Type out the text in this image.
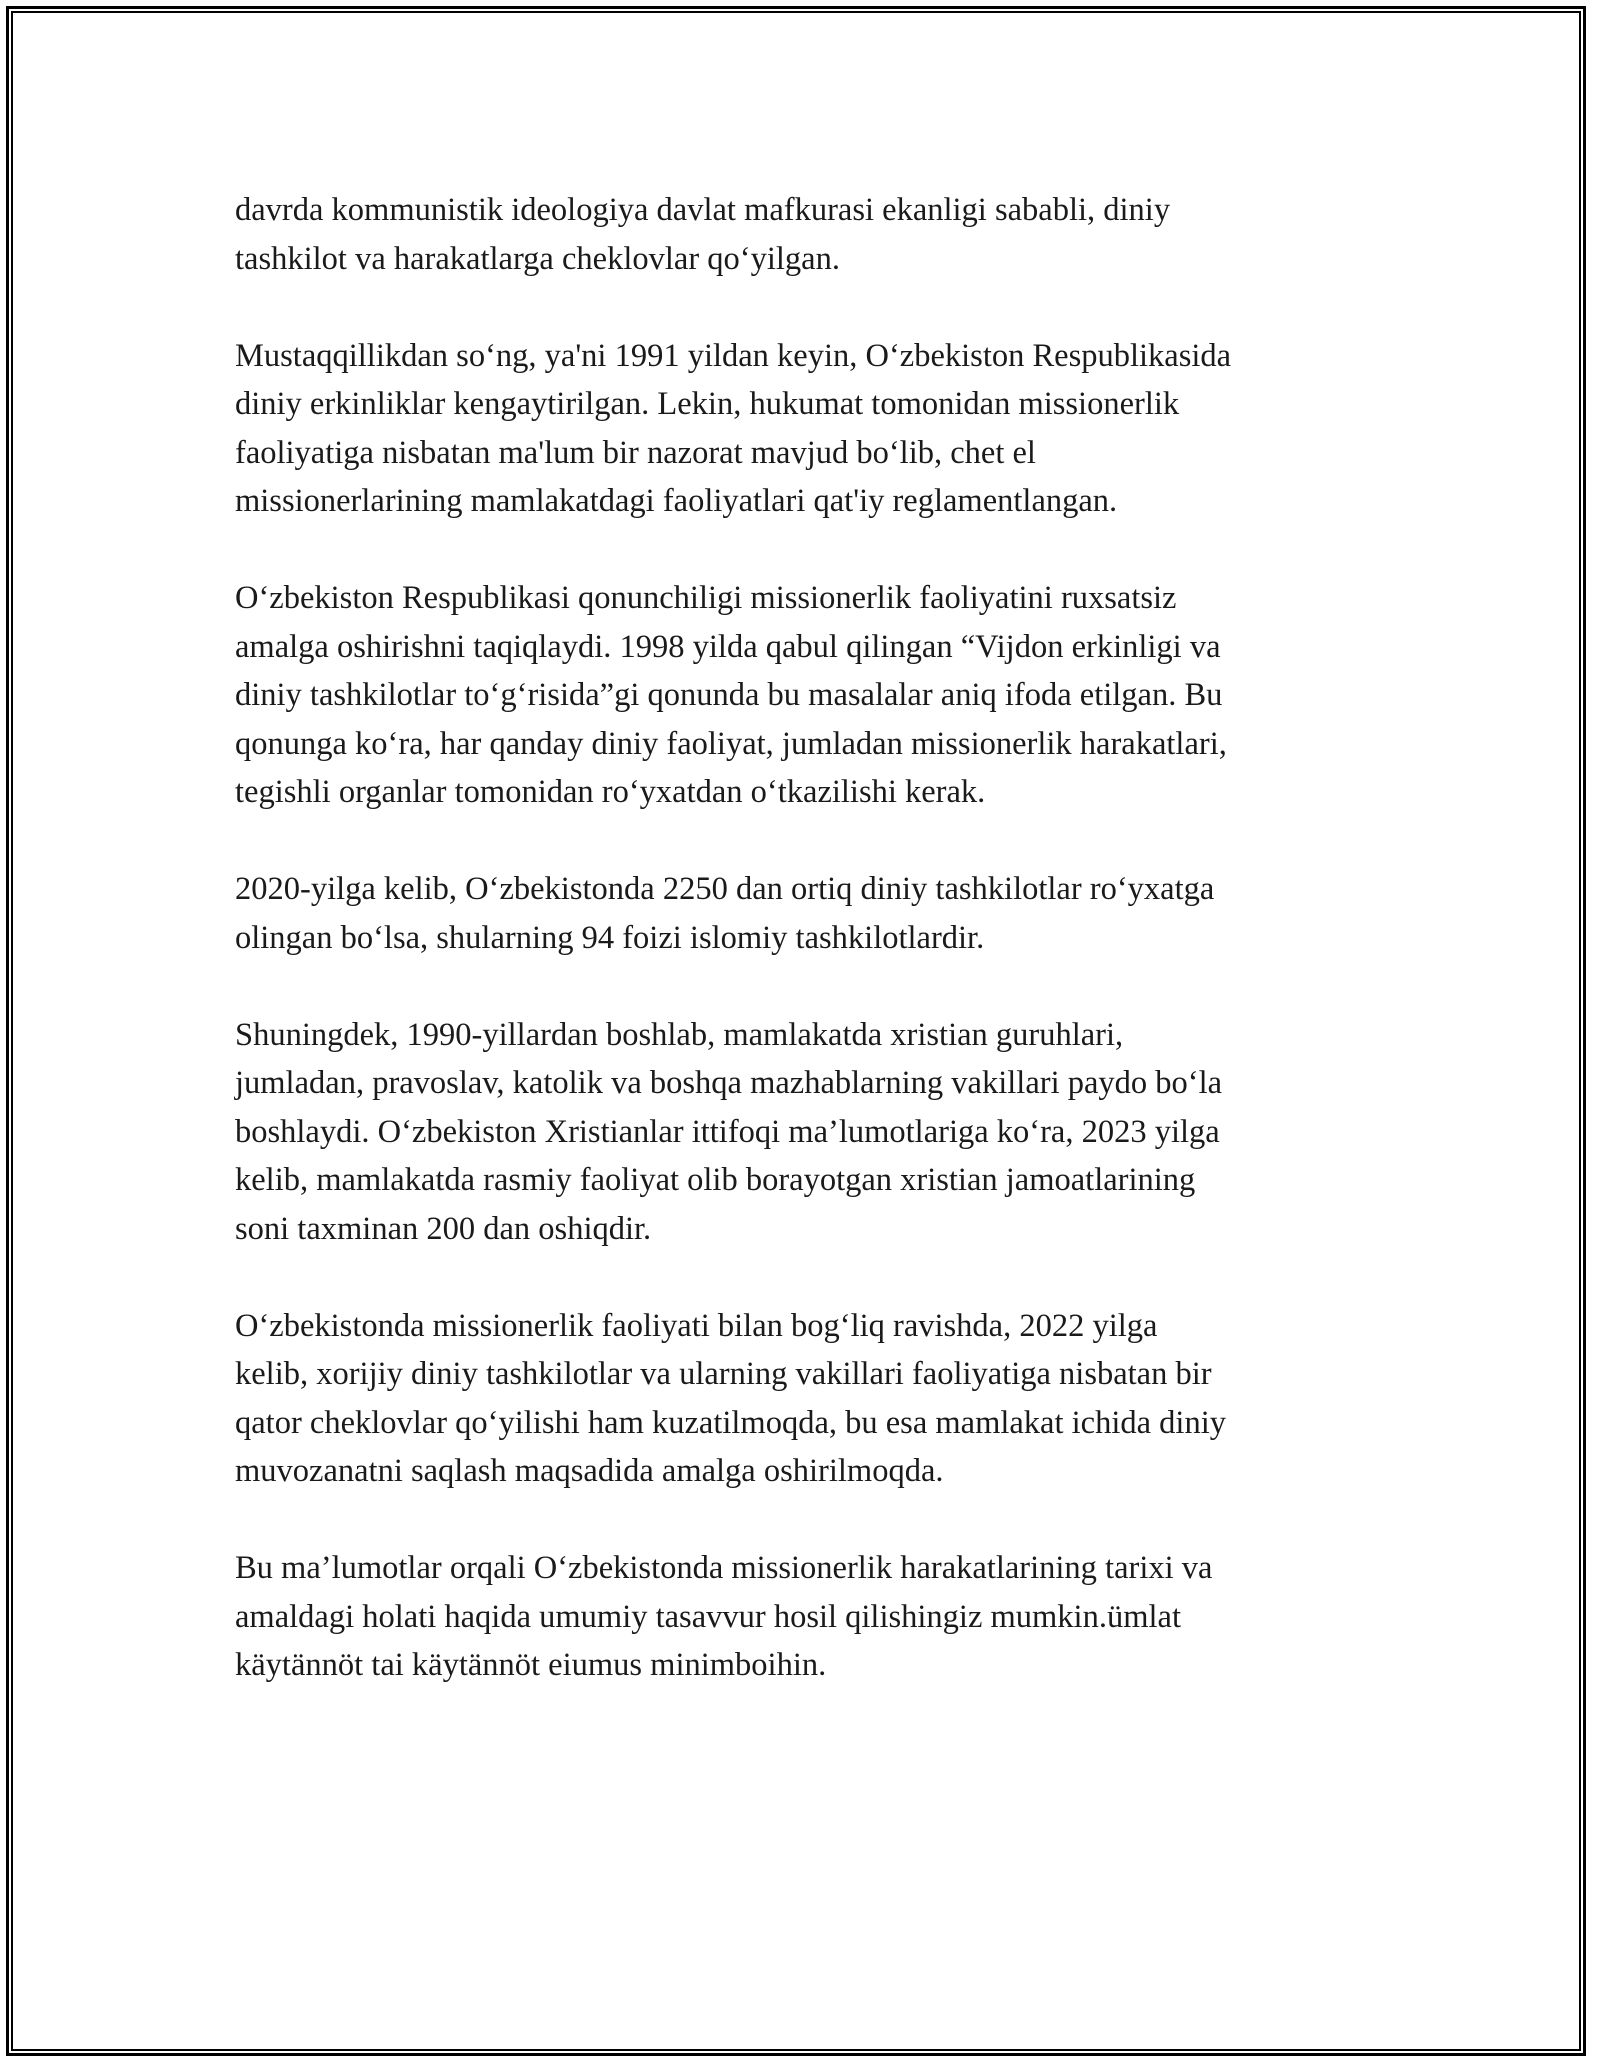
davrda kommunistik ideologiya davlat mafkurasi ekanligi sababli, diniy
tashkilot va harakatlarga cheklovlar qo‘yilgan.

Mustaqqillikdan so‘ng, ya'ni 1991 yildan keyin, O‘zbekiston Respublikasida
diniy erkinliklar kengaytirilgan. Lekin, hukumat tomonidan missionerlik
faoliyatiga nisbatan ma'lum bir nazorat mavjud bo‘lib, chet el
missionerlarining mamlakatdagi faoliyatlari qat'iy reglamentlangan.

O‘zbekiston Respublikasi qonunchiligi missionerlik faoliyatini ruxsatsiz
amalga oshirishni taqiqlaydi. 1998 yilda qabul qilingan “Vijdon erkinligi va
diniy tashkilotlar to‘g‘risida”gi qonunda bu masalalar aniq ifoda etilgan. Bu
qonunga ko‘ra, har qanday diniy faoliyat, jumladan missionerlik harakatlari,
tegishli organlar tomonidan ro‘yxatdan o‘tkazilishi kerak.

2020-yilga kelib, O‘zbekistonda 2250 dan ortiq diniy tashkilotlar ro‘yxatga
olingan bo‘lsa, shularning 94 foizi islomiy tashkilotlardir.

Shuningdek, 1990-yillardan boshlab, mamlakatda xristian guruhlari,
jumladan, pravoslav, katolik va boshqa mazhablarning vakillari paydo bo‘la
boshlaydi. O‘zbekiston Xristianlar ittifoqi ma’lumotlariga ko‘ra, 2023 yilga
kelib, mamlakatda rasmiy faoliyat olib borayotgan xristian jamoatlarining
soni taxminan 200 dan oshiqdir.

O‘zbekistonda missionerlik faoliyati bilan bog‘liq ravishda, 2022 yilga
kelib, xorijiy diniy tashkilotlar va ularning vakillari faoliyatiga nisbatan bir
qator cheklovlar qo‘yilishi ham kuzatilmoqda, bu esa mamlakat ichida diniy
muvozanatni saqlash maqsadida amalga oshirilmoqda.

Bu ma’lumotlar orqali O‘zbekistonda missionerlik harakatlarining tarixi va
amaldagi holati haqida umumiy tasavvur hosil qilishingiz mumkin.ümlat
käytännöt tai käytännöt eiumus minimboihin.
